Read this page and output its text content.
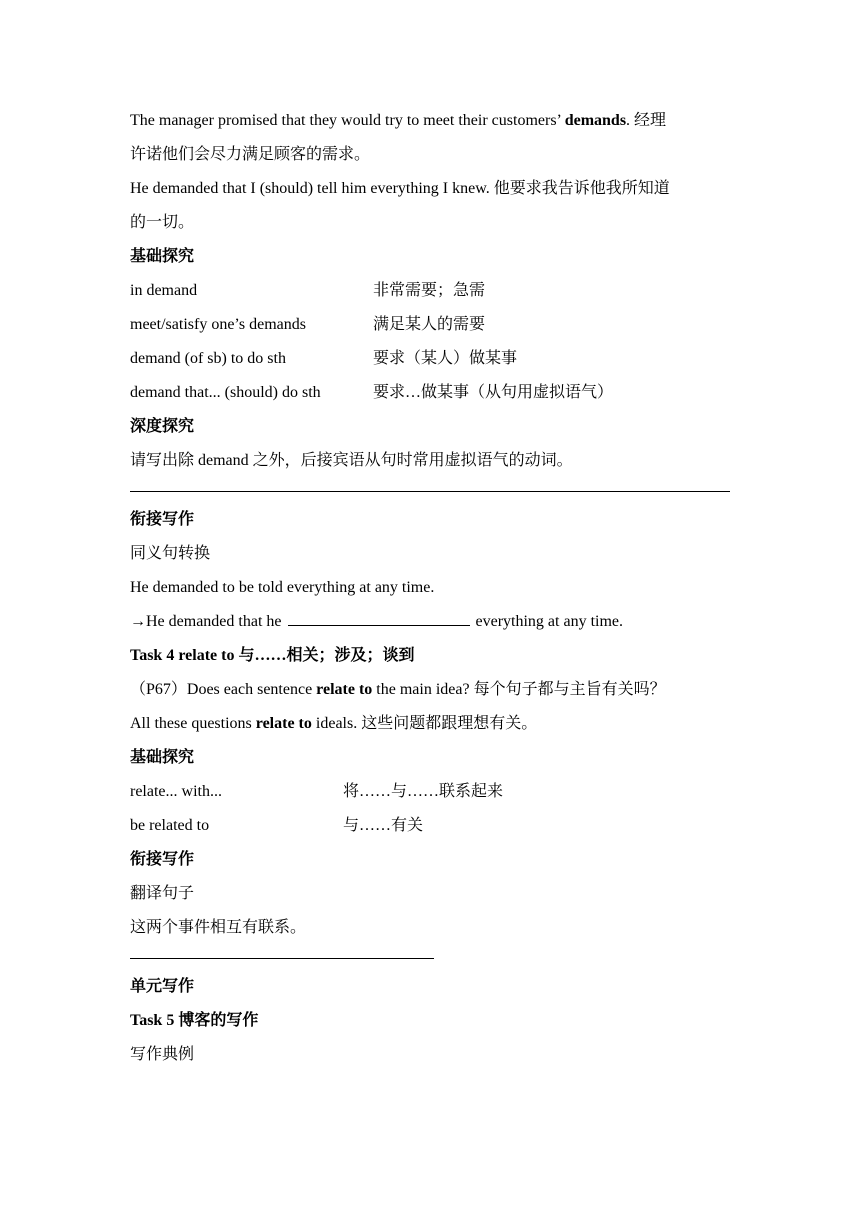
The manager promised that they would try to meet their customers’ demands. 经理
许诺他们会尽力满足顾客的需求。
He demanded that I (should) tell him everything I knew. 他要求我告诉他我所知道
的一切。
基础探究
in demand	非常需要；急需
meet/satisfy one’s demands	满足某人的需要
demand (of sb) to do sth	要求（某人）做某事
demand that... (should) do sth	要求…做某事（从句用虚拟语气）
深度探究
请写出除 demand 之外，后接宾语从句时常用虚拟语气的动词。
衔接写作
同义句转换
He demanded to be told everything at any time.
→He demanded that he	everything at any time.
Task 4 relate to 与……相关；涉及；谈到
（P67）Does each sentence relate to the main idea? 每个句子都与主旨有关吗？
All these questions relate to ideals. 这些问题都跟理想有关。
基础探究
relate... with...	将……与……联系起来
be related to	与……有关
衔接写作
翻译句子
这两个事件相互有联系。
单元写作
Task 5 博客的写作
写作典例
